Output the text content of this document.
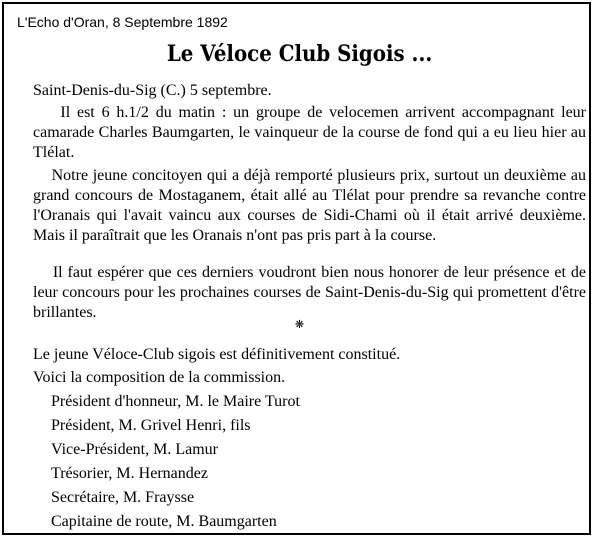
L'Echo d'Oran, 8 Septembre 1892
Le Véloce Club Sigois ...
Saint-Denis-du-Sig (C.) 5 septembre.
Il est 6 h.1/2 du matin : un groupe de velocemen arrivent accompagnant leur camarade Charles Baumgarten, le vainqueur de la course de fond qui a eu lieu hier au Tlélat.
Notre jeune concitoyen qui a déjà remporté plusieurs prix, surtout un deuxième au grand concours de Mostaganem, était allé au Tlélat pour prendre sa revanche contre l'Oranais qui l'avait vaincu aux courses de Sidi-Chami où il était arrivé deuxième. Mais il paraîtrait que les Oranais n'ont pas pris part à la course.
Il faut espérer que ces derniers voudront bien nous honorer de leur présence et de leur concours pour les prochaines courses de Saint-Denis-du-Sig qui promettent d'être brillantes.
❋
Le jeune Véloce-Club sigois est définitivement constitué.
Voici la composition de la commission.
Président d'honneur, M. le Maire Turot
Président, M. Grivel Henri, fils
Vice-Président, M. Lamur
Trésorier, M. Hernandez
Secrétaire, M. Fraysse
Capitaine de route, M. Baumgarten
